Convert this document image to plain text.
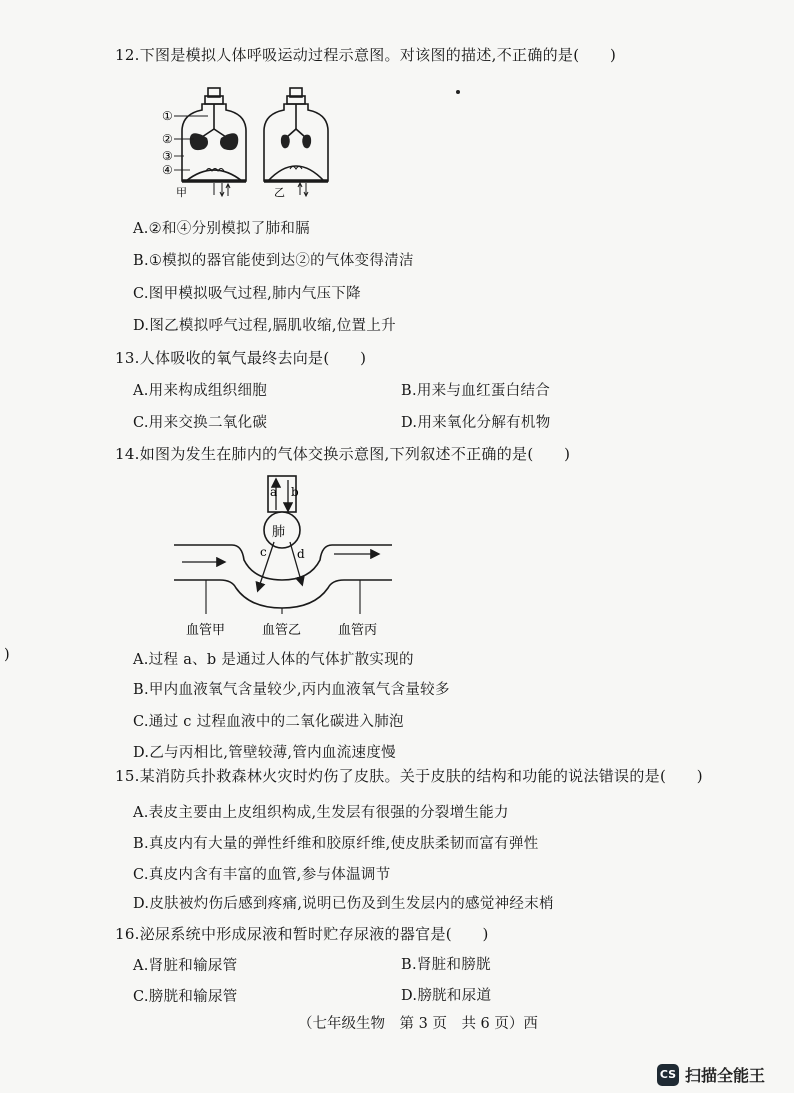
12.下图是模拟人体呼吸运动过程示意图。对该图的描述,不正确的是(　　)
①
②
③
④
甲	乙
A.②和④分别模拟了肺和膈
B.①模拟的器官能使到达②的气体变得清洁
C.图甲模拟吸气过程,肺内气压下降
D.图乙模拟呼气过程,膈肌收缩,位置上升
13.人体吸收的氧气最终去向是(　　)
A.用来构成组织细胞	B.用来与血红蛋白结合
C.用来交换二氧化碳	D.用来氧化分解有机物
14.如图为发生在肺内的气体交换示意图,下列叙述不正确的是(　　)
a b
c	d
肺
血管甲	血管乙	血管丙
)	A.过程 a、b 是通过人体的气体扩散实现的
B.甲内血液氧气含量较少,丙内血液氧气含量较多
C.通过 c 过程血液中的二氧化碳进入肺泡
D.乙与丙相比,管壁较薄,管内血流速度慢
15.某消防兵扑救森林火灾时灼伤了皮肤。关于皮肤的结构和功能的说法错误的是(　　)
A.表皮主要由上皮组织构成,生发层有很强的分裂增生能力
B.真皮内有大量的弹性纤维和胶原纤维,使皮肤柔韧而富有弹性
C.真皮内含有丰富的血管,参与体温调节
D.皮肤被灼伤后感到疼痛,说明已伤及到生发层内的感觉神经末梢
16.泌尿系统中形成尿液和暂时贮存尿液的器官是(　　)
A.肾脏和输尿管	B.肾脏和膀胱
C.膀胱和输尿管	D.膀胱和尿道
（七年级生物　第 3 页　共 6 页）西
CS 扫描全能王
